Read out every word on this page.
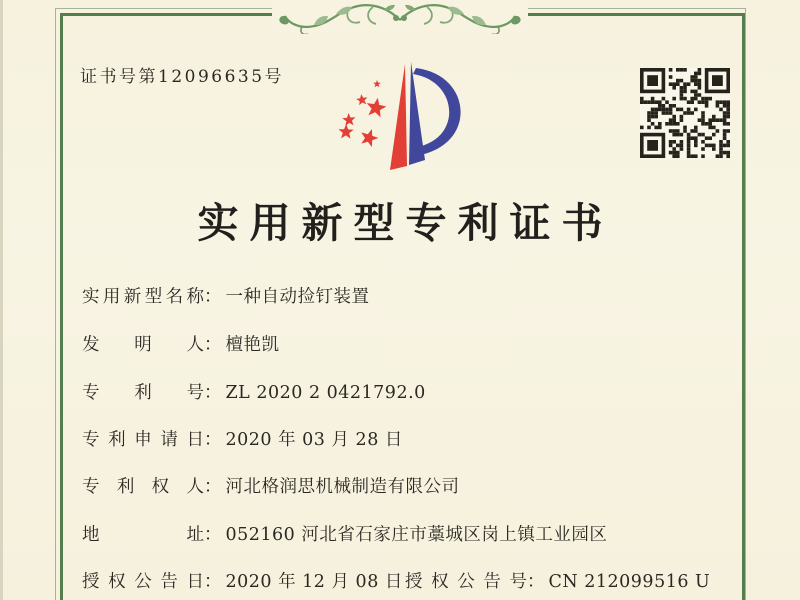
证书号第12096635号
实用新型专利证书
实用新型名称： 一种自动捡钉装置
发明人： 檀艳凯
专利号： ZL 2020 2 0421792.0
专利申请日： 2020 年 03 月 28 日
专利权人： 河北格润思机械制造有限公司
地址： 052160 河北省石家庄市藁城区岗上镇工业园区
授权公告日： 2020 年 12 月 08 日 授权公告号： CN 212099516 U
